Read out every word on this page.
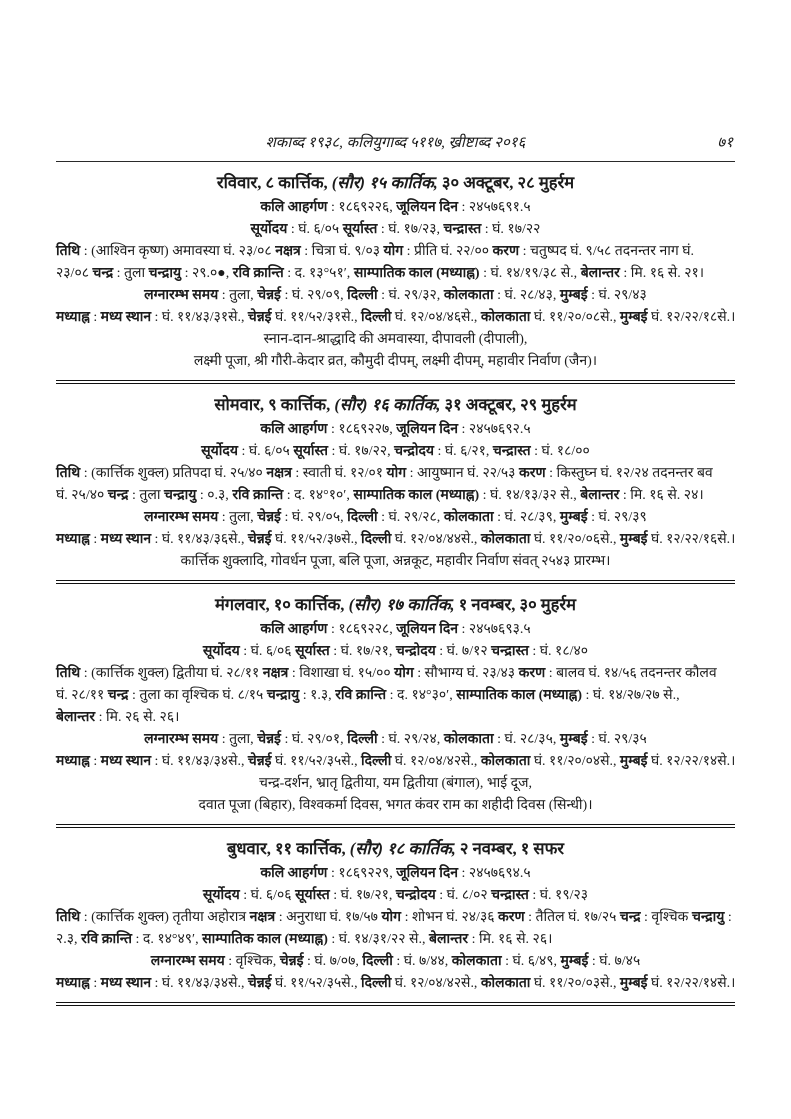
शकाब्द १९३८, कलियुगाब्द ५११७, ख्रीष्टाब्द २०१६	७१
रविवार, ८ कार्त्तिक, (सौर) १५ कार्तिक, ३० अक्टूबर, २८ मुहर्रम
कलि आहर्गण : १८६९२२६, जूलियन दिन : २४५७६९१.५
सूर्योदय : घं. ६/०५ सूर्यास्त : घं. १७/२३, चन्द्रास्त : घं. १७/२२
तिथि : (आश्विन कृष्ण) अमावस्या घं. २३/०८ नक्षत्र : चित्रा घं. ९/०३ योग : प्रीति घं. २२/०० करण : चतुष्पद घं. ९/५८ तदनन्तर नाग घं.
२३/०८ चन्द्र : तुला चन्द्रायु : २९.०●, रवि क्रान्ति : द. १३°५१′, साम्पातिक काल (मध्याह्न) : घं. १४/१९/३८ से., बेलान्तर : मि. १६ से. २१।
लग्नारम्भ समय : तुला, चेन्नई : घं. २९/०९, दिल्ली : घं. २९/३२, कोलकाता : घं. २८/४३, मुम्बई : घं. २९/४३
मध्याह्न : मध्य स्थान : घं. ११/४३/३१से., चेन्नई घं. ११/५२/३१से., दिल्ली घं. १२/०४/४६से., कोलकाता घं. ११/२०/०८से., मुम्बई घं. १२/२२/१८से.।
स्नान-दान-श्राद्धादि की अमवास्या, दीपावली (दीपाली),
लक्ष्मी पूजा, श्री गौरी-केदार व्रत, कौमुदी दीपम्, लक्ष्मी दीपम्, महावीर निर्वाण (जैन)।
सोमवार, ९ कार्त्तिक, (सौर) १६ कार्तिक, ३१ अक्टूबर, २९ मुहर्रम
कलि आहर्गण : १८६९२२७, जूलियन दिन : २४५७६९२.५
सूर्योदय : घं. ६/०५ सूर्यास्त : घं. १७/२२, चन्द्रोदय : घं. ६/२१, चन्द्रास्त : घं. १८/००
तिथि : (कार्त्तिक शुक्ल) प्रतिपदा घं. २५/४० नक्षत्र : स्वाती घं. १२/०१ योग : आयुष्मान घं. २२/५३ करण : किस्तुघ्न घं. १२/२४ तदनन्तर बव
घं. २५/४० चन्द्र : तुला चन्द्रायु : ०.३, रवि क्रान्ति : द. १४°१०′, साम्पातिक काल (मध्याह्न) : घं. १४/१३/३२ से., बेलान्तर : मि. १६ से. २४।
लग्नारम्भ समय : तुला, चेन्नई : घं. २९/०५, दिल्ली : घं. २९/२८, कोलकाता : घं. २८/३९, मुम्बई : घं. २९/३९
मध्याह्न : मध्य स्थान : घं. ११/४३/३६से., चेन्नई घं. ११/५२/३७से., दिल्ली घं. १२/०४/४४से., कोलकाता घं. ११/२०/०६से., मुम्बई घं. १२/२२/१६से.।
कार्त्तिक शुक्लादि, गोवर्धन पूजा, बलि पूजा, अन्नकूट, महावीर निर्वाण संवत् २५४३ प्रारम्भ।
मंगलवार, १० कार्त्तिक, (सौर) १७ कार्तिक, १ नवम्बर, ३० मुहर्रम
कलि आहर्गण : १८६९२२८, जूलियन दिन : २४५७६९३.५
सूर्योदय : घं. ६/०६ सूर्यास्त : घं. १७/२१, चन्द्रोदय : घं. ७/१२ चन्द्रास्त : घं. १८/४०
तिथि : (कार्त्तिक शुक्ल) द्वितीया घं. २८/११ नक्षत्र : विशाखा घं. १५/०० योग : सौभाग्य घं. २३/४३ करण : बालव घं. १४/५६ तदनन्तर कौलव
घं. २८/११ चन्द्र : तुला का वृश्चिक घं. ८/१५ चन्द्रायु : १.३, रवि क्रान्ति : द. १४°३०′, साम्पातिक काल (मध्याह्न) : घं. १४/२७/२७ से.,
बेलान्तर : मि. २६ से. २६।
लग्नारम्भ समय : तुला, चेन्नई : घं. २९/०१, दिल्ली : घं. २९/२४, कोलकाता : घं. २८/३५, मुम्बई : घं. २९/३५
मध्याह्न : मध्य स्थान : घं. ११/४३/३४से., चेन्नई घं. ११/५२/३५से., दिल्ली घं. १२/०४/४२से., कोलकाता घं. ११/२०/०४से., मुम्बई घं. १२/२२/१४से.।
चन्द्र-दर्शन, भ्रातृ द्वितीया, यम द्वितीया (बंगाल), भाई दूज,
दवात पूजा (बिहार), विश्वकर्मा दिवस, भगत कंवर राम का शहीदी दिवस (सिन्धी)।
बुधवार, ११ कार्त्तिक, (सौर) १८ कार्तिक, २ नवम्बर, १ सफर
कलि आहर्गण : १८६९२२९, जूलियन दिन : २४५७६९४.५
सूर्योदय : घं. ६/०६ सूर्यास्त : घं. १७/२१, चन्द्रोदय : घं. ८/०२ चन्द्रास्त : घं. १९/२३
तिथि : (कार्त्तिक शुक्ल) तृतीया अहोरात्र नक्षत्र : अनुराधा घं. १७/५७ योग : शोभन घं. २४/३६ करण : तैतिल घं. १७/२५ चन्द्र : वृश्चिक चन्द्रायु :
२.३, रवि क्रान्ति : द. १४°४९′, साम्पातिक काल (मध्याह्न) : घं. १४/३१/२२ से., बेलान्तर : मि. १६ से. २६।
लग्नारम्भ समय : वृश्चिक, चेन्नई : घं. ७/०७, दिल्ली : घं. ७/४४, कोलकाता : घं. ६/४९, मुम्बई : घं. ७/४५
मध्याह्न : मध्य स्थान : घं. ११/४३/३४से., चेन्नई घं. ११/५२/३५से., दिल्ली घं. १२/०४/४२से., कोलकाता घं. ११/२०/०३से., मुम्बई घं. १२/२२/१४से.।
